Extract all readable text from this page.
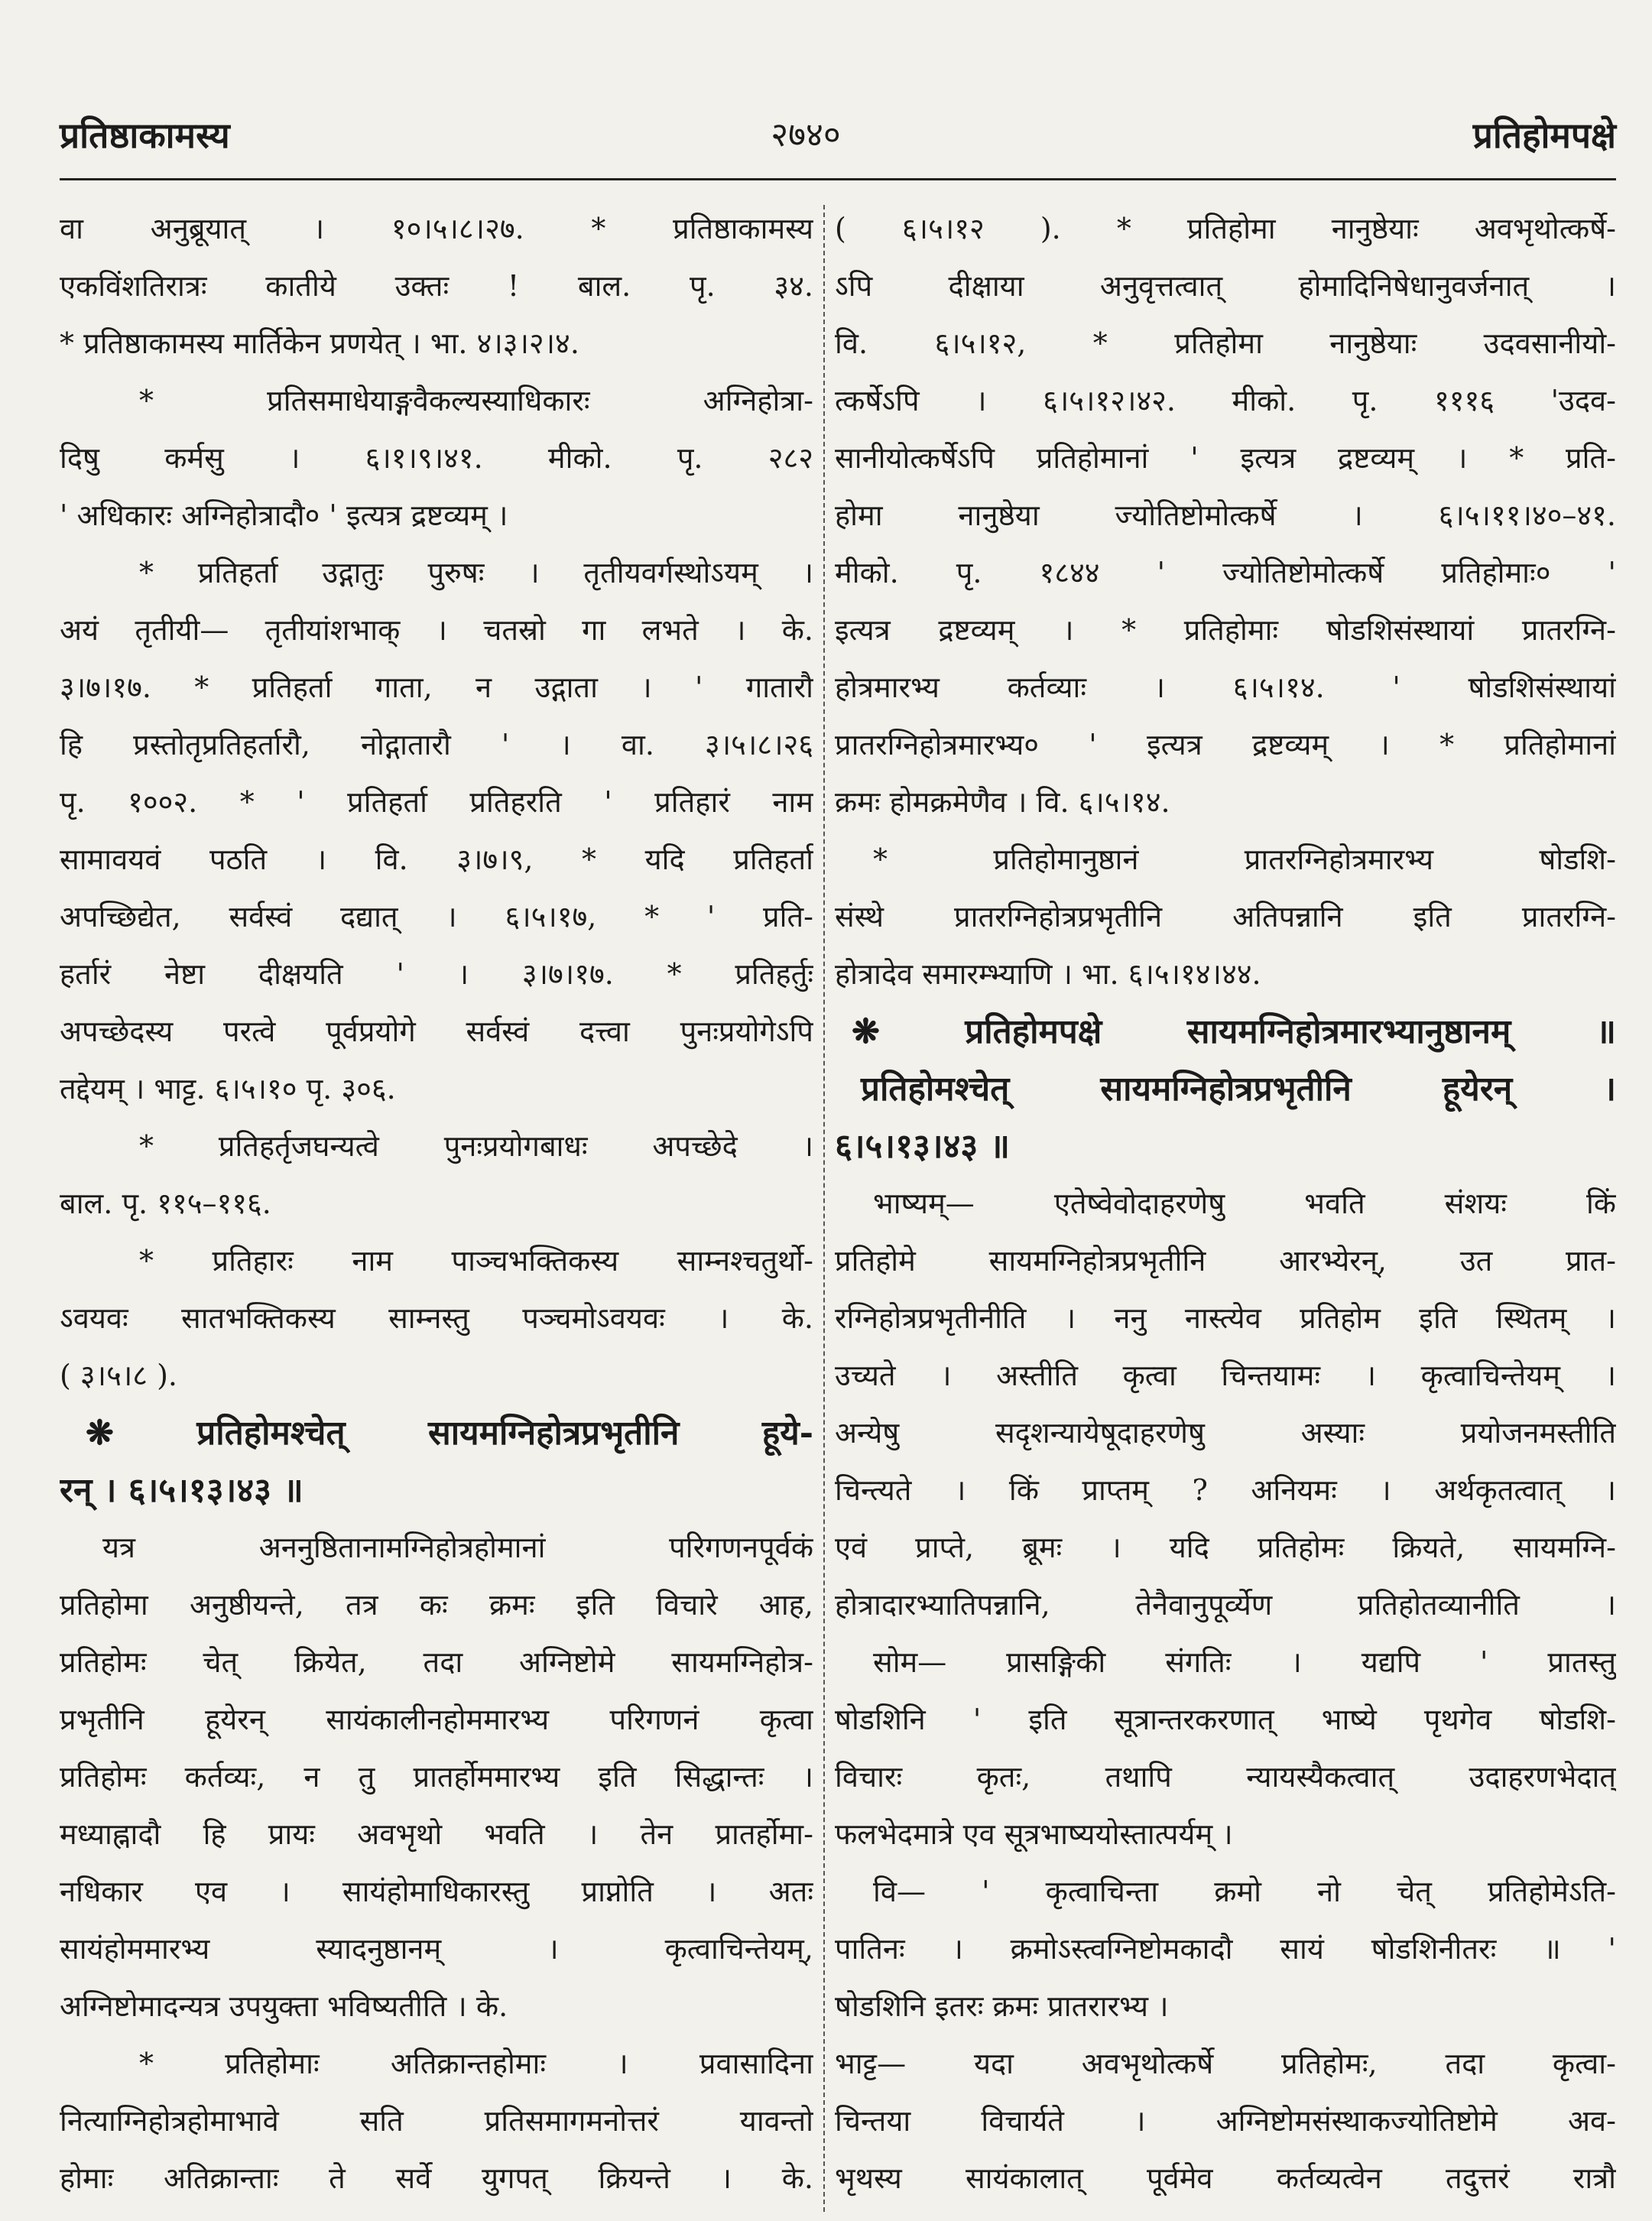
प्रतिष्ठाकामस्य	२७४०	प्रतिहोमपक्षे
वा अनुब्रूयात् । १०।५।८।२७. * प्रतिष्ठाकामस्य
एकविंशतिरात्रः कातीये उक्तः ! बाल. पृ. ३४.
* प्रतिष्ठाकामस्य मार्तिकेन प्रणयेत् । भा. ४।३।२।४.
* प्रतिसमाधेयाङ्गवैकल्यस्याधिकारः अग्निहोत्रा-
दिषु कर्मसु । ६।१।९।४१. मीको. पृ. २८२
' अधिकारः अग्निहोत्रादौ० ' इत्यत्र द्रष्टव्यम् ।
* प्रतिहर्ता उद्गातुः पुरुषः । तृतीयवर्गस्थोऽयम् ।
अयं तृतीयी— तृतीयांशभाक् । चतस्रो गा लभते । के.
३।७।१७. * प्रतिहर्ता गाता, न उद्गाता । ' गातारौ
हि प्रस्तोतृप्रतिहर्तारौ, नोद्गातारौ ' । वा. ३।५।८।२६
पृ. १००२. * ' प्रतिहर्ता प्रतिहरति ' प्रतिहारं नाम
सामावयवं पठति । वि. ३।७।९, * यदि प्रतिहर्ता
अपच्छिद्येत, सर्वस्वं दद्यात् । ६।५।१७, * ' प्रति-
हर्तारं नेष्टा दीक्षयति ' । ३।७।१७. * प्रतिहर्तुः
अपच्छेदस्य परत्वे पूर्वप्रयोगे सर्वस्वं दत्त्वा पुनःप्रयोगेऽपि
तद्देयम् । भाट्ट. ६।५।१० पृ. ३०६.
* प्रतिहर्तृजघन्यत्वे पुनःप्रयोगबाधः अपच्छेदे ।
बाल. पृ. ११५–११६.
* प्रतिहारः नाम पाञ्चभक्तिकस्य साम्नश्चतुर्थो-
ऽवयवः सातभक्तिकस्य साम्नस्तु पञ्चमोऽवयवः । के.
( ३।५।८ ).
❋ प्रतिहोमश्चेत् सायमग्निहोत्रप्रभृतीनि हूये-
रन् । ६।५।१३।४३ ॥
यत्र अननुष्ठितानामग्निहोत्रहोमानां परिगणनपूर्वकं
प्रतिहोमा अनुष्ठीयन्ते, तत्र कः क्रमः इति विचारे आह,
प्रतिहोमः चेत् क्रियेत, तदा अग्निष्टोमे सायमग्निहोत्र-
प्रभृतीनि हूयेरन् सायंकालीनहोममारभ्य परिगणनं कृत्वा
प्रतिहोमः कर्तव्यः, न तु प्रातर्होममारभ्य इति सिद्धान्तः ।
मध्याह्नादौ हि प्रायः अवभृथो भवति । तेन प्रातर्होमा-
नधिकार एव । सायंहोमाधिकारस्तु प्राप्नोति । अतः
सायंहोममारभ्य स्यादनुष्ठानम् । कृत्वाचिन्तेयम्,
अग्निष्टोमादन्यत्र उपयुक्ता भविष्यतीति । के.
* प्रतिहोमाः अतिक्रान्तहोमाः । प्रवासादिना
नित्याग्निहोत्रहोमाभावे सति प्रतिसमागमनोत्तरं यावन्तो
होमाः अतिक्रान्ताः ते सर्वे युगपत् क्रियन्ते । के.
( ६।५।१२ ). * प्रतिहोमा नानुष्ठेयाः अवभृथोत्कर्षे-
ऽपि दीक्षाया अनुवृत्तत्वात् होमादिनिषेधानुवर्जनात् ।
वि. ६।५।१२, * प्रतिहोमा नानुष्ठेयाः उदवसानीयो-
त्कर्षेऽपि । ६।५।१२।४२. मीको. पृ. १११६ 'उदव-
सानीयोत्कर्षेऽपि प्रतिहोमानां ' इत्यत्र द्रष्टव्यम् । * प्रति-
होमा नानुष्ठेया ज्योतिष्टोमोत्कर्षे । ६।५।११।४०–४१.
मीको. पृ. १८४४ ' ज्योतिष्टोमोत्कर्षे प्रतिहोमाः० '
इत्यत्र द्रष्टव्यम् । * प्रतिहोमाः षोडशिसंस्थायां प्रातरग्नि-
होत्रमारभ्य कर्तव्याः । ६।५।१४. ' षोडशिसंस्थायां
प्रातरग्निहोत्रमारभ्य० ' इत्यत्र द्रष्टव्यम् । * प्रतिहोमानां
क्रमः होमक्रमेणैव । वि. ६।५।१४.
* प्रतिहोमानुष्ठानं प्रातरग्निहोत्रमारभ्य षोडशि-
संस्थे प्रातरग्निहोत्रप्रभृतीनि अतिपन्नानि इति प्रातरग्नि-
होत्रादेव समारम्भ्याणि । भा. ६।५।१४।४४.
❋ प्रतिहोमपक्षे सायमग्निहोत्रमारभ्यानुष्ठानम् ॥
प्रतिहोमश्चेत् सायमग्निहोत्रप्रभृतीनि हूयेरन् ।
६।५।१३।४३ ॥
भाष्यम्— एतेष्वेवोदाहरणेषु भवति संशयः किं
प्रतिहोमे सायमग्निहोत्रप्रभृतीनि आरभ्येरन्, उत प्रात-
रग्निहोत्रप्रभृतीनीति । ननु नास्त्येव प्रतिहोम इति स्थितम् ।
उच्यते । अस्तीति कृत्वा चिन्तयामः । कृत्वाचिन्तेयम् ।
अन्येषु सदृशन्यायेषूदाहरणेषु अस्याः प्रयोजनमस्तीति
चिन्त्यते । किं प्राप्तम् ? अनियमः । अर्थकृतत्वात् ।
एवं प्राप्ते, ब्रूमः । यदि प्रतिहोमः क्रियते, सायमग्नि-
होत्रादारभ्यातिपन्नानि, तेनैवानुपूर्व्येण प्रतिहोतव्यानीति ।
सोम— प्रासङ्गिकी संगतिः । यद्यपि ' प्रातस्तु
षोडशिनि ' इति सूत्रान्तरकरणात् भाष्ये पृथगेव षोडशि-
विचारः कृतः, तथापि न्यायस्यैकत्वात् उदाहरणभेदात्
फलभेदमात्रे एव सूत्रभाष्ययोस्तात्पर्यम् ।
वि— ' कृत्वाचिन्ता क्रमो नो चेत् प्रतिहोमेऽति-
पातिनः । क्रमोऽस्त्वग्निष्टोमकादौ सायं षोडशिनीतरः ॥ '
षोडशिनि इतरः क्रमः प्रातरारभ्य ।
भाट्ट— यदा अवभृथोत्कर्षे प्रतिहोमः, तदा कृत्वा-
चिन्तया विचार्यते । अग्निष्टोमसंस्थाकज्योतिष्टोमे अव-
भृथस्य सायंकालात् पूर्वमेव कर्तव्यत्वेन तदुत्तरं रात्रौ
